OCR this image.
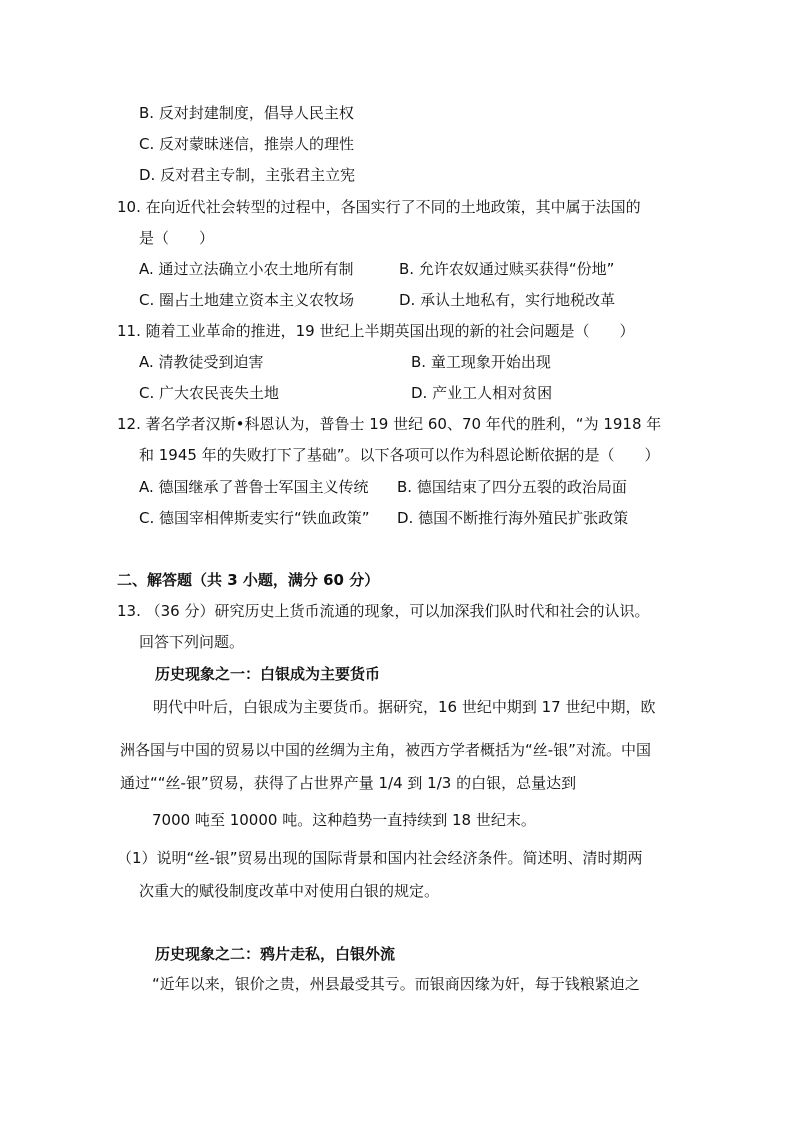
B. 反对封建制度，倡导人民主权
C. 反对蒙昧迷信，推崇人的理性
D. 反对君主专制，主张君主立宪
10. 在向近代社会转型的过程中，各国实行了不同的土地政策，其中属于法国的
是（　　）
A. 通过立法确立小农土地所有制	B. 允许农奴通过赎买获得“份地”
C. 圈占土地建立资本主义农牧场	D. 承认土地私有，实行地税改革
11. 随着工业革命的推进，19 世纪上半期英国出现的新的社会问题是（　　）
A. 清教徒受到迫害	B. 童工现象开始出现
C. 广大农民丧失土地	D. 产业工人相对贫困
12. 著名学者汉斯•科恩认为，普鲁士 19 世纪 60、70 年代的胜利，“为 1918 年
和 1945 年的失败打下了基础”。以下各项可以作为科恩论断依据的是（　　）
A. 德国继承了普鲁士军国主义传统 B. 德国结束了四分五裂的政治局面
C. 德国宰相俾斯麦实行“铁血政策” D. 德国不断推行海外殖民扩张政策
二、解答题（共 3 小题，满分 60 分）
13. （36 分）研究历史上货币流通的现象，可以加深我们队时代和社会的认识。
回答下列问题。
历史现象之一：白银成为主要货币
明代中叶后，白银成为主要货币。据研究，16 世纪中期到 17 世纪中期，欧
洲各国与中国的贸易以中国的丝绸为主角，被西方学者概括为“丝-银”对流。中国
通过““丝-银”贸易，获得了占世界产量 1/4 到 1/3 的白银，总量达到
7000 吨至 10000 吨。这种趋势一直持续到 18 世纪末。
（1）说明“丝-银”贸易出现的国际背景和国内社会经济条件。简述明、清时期两
次重大的赋役制度改革中对使用白银的规定。
历史现象之二：鸦片走私，白银外流
“近年以来，银价之贵，州县最受其亏。而银商因缘为奸，每于钱粮紧迫之
